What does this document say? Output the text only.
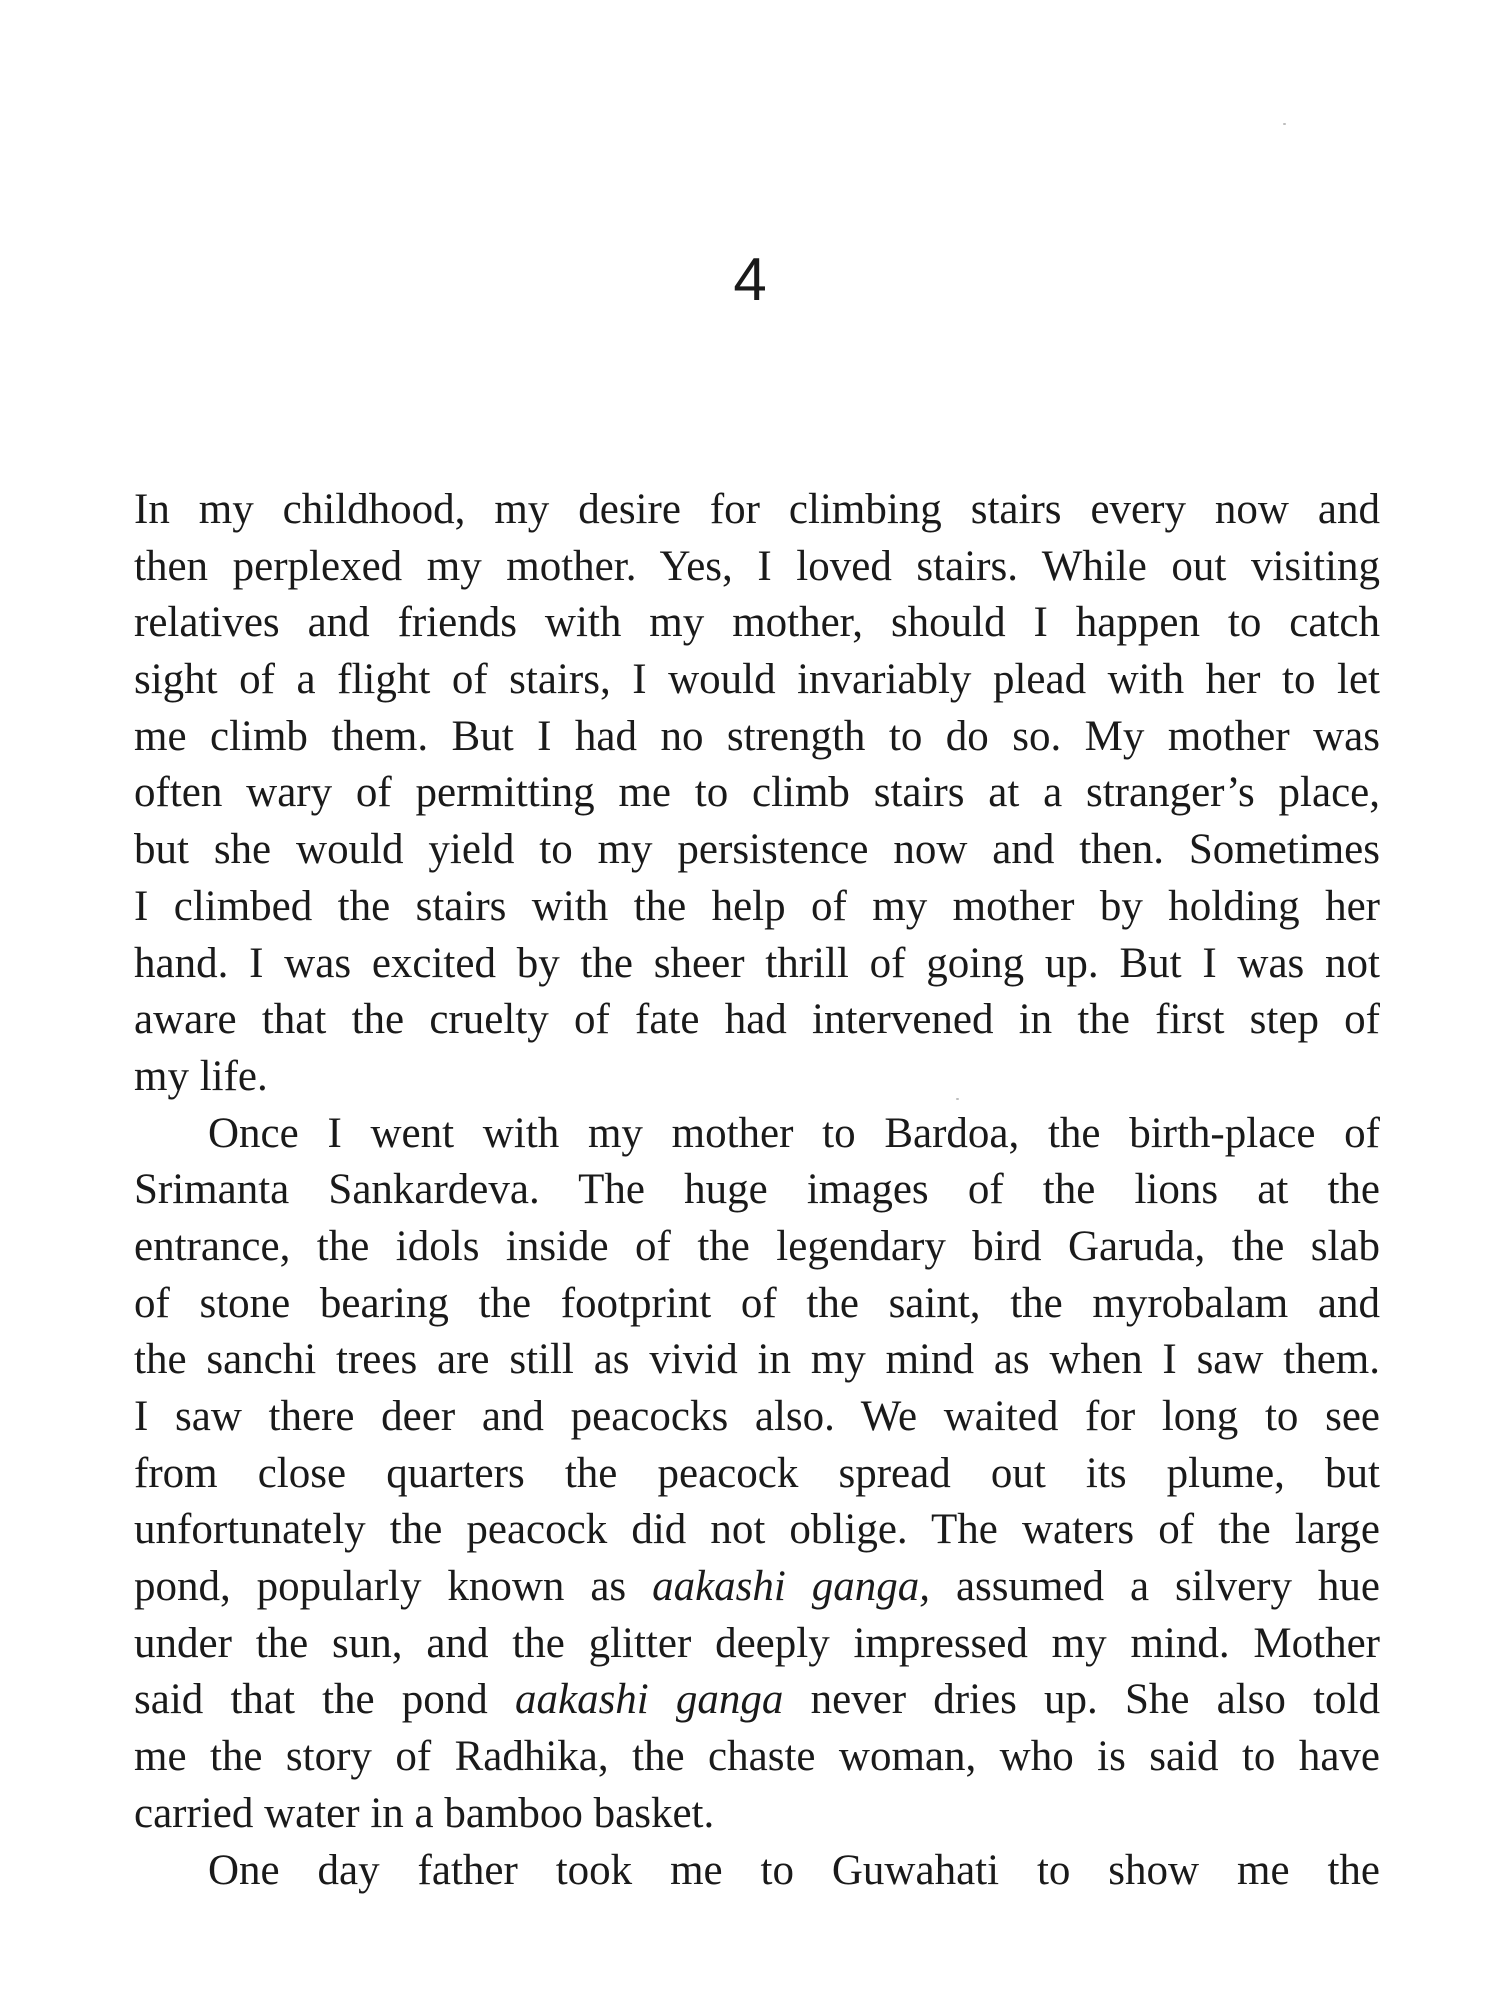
4
In my childhood, my desire for climbing stairs every now and
then perplexed my mother. Yes, I loved stairs. While out visiting
relatives and friends with my mother, should I happen to catch
sight of a flight of stairs, I would invariably plead with her to let
me climb them. But I had no strength to do so. My mother was
often wary of permitting me to climb stairs at a stranger’s place,
but she would yield to my persistence now and then. Sometimes
I climbed the stairs with the help of my mother by holding her
hand. I was excited by the sheer thrill of going up. But I was not
aware that the cruelty of fate had intervened in the first step of
my life.
Once I went with my mother to Bardoa, the birth-place of
Srimanta Sankardeva. The huge images of the lions at the
entrance, the idols inside of the legendary bird Garuda, the slab
of stone bearing the footprint of the saint, the myrobalam and
the sanchi trees are still as vivid in my mind as when I saw them.
I saw there deer and peacocks also. We waited for long to see
from close quarters the peacock spread out its plume, but
unfortunately the peacock did not oblige. The waters of the large
pond, popularly known as aakashi ganga, assumed a silvery hue
under the sun, and the glitter deeply impressed my mind. Mother
said that the pond aakashi ganga never dries up. She also told
me the story of Radhika, the chaste woman, who is said to have
carried water in a bamboo basket.
One day father took me to Guwahati to show me the
